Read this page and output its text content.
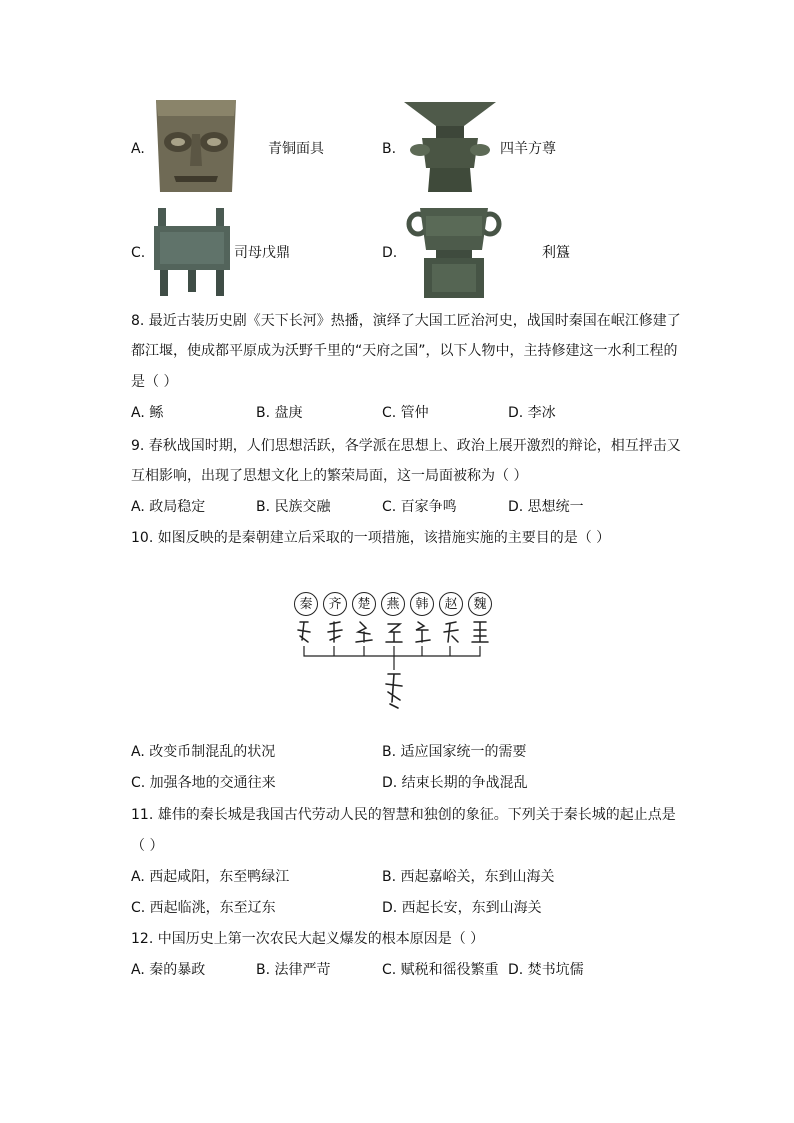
A.	青铜面具	B.	四羊方尊
C.	司母戊鼎	D.	利簋
8. 最近古装历史剧《天下长河》热播，演绎了大国工匠治河史，战国时秦国在岷江修建了
都江堰，使成都平原成为沃野千里的“天府之国”，以下人物中，主持修建这一水利工程的
是（ ）
A. 鲧	B. 盘庚	C. 管仲	D. 李冰
9. 春秋战国时期，人们思想活跃，各学派在思想上、政治上展开激烈的辩论，相互抨击又
互相影响，出现了思想文化上的繁荣局面，这一局面被称为（ ）
A. 政局稳定	B. 民族交融	C. 百家争鸣	D. 思想统一
10. 如图反映的是秦朝建立后采取的一项措施，该措施实施的主要目的是（ ）
秦	齐	楚	燕	韩	赵	魏
A. 改变币制混乱的状况	B. 适应国家统一的需要
C. 加强各地的交通往来	D. 结束长期的争战混乱
11. 雄伟的秦长城是我国古代劳动人民的智慧和独创的象征。下列关于秦长城的起止点是
（ ）
A. 西起咸阳，东至鸭绿江	B. 西起嘉峪关，东到山海关
C. 西起临洮，东至辽东	D. 西起长安，东到山海关
12. 中国历史上第一次农民大起义爆发的根本原因是（ ）
A. 秦的暴政	B. 法律严苛	C. 赋税和徭役繁重 D. 焚书坑儒
